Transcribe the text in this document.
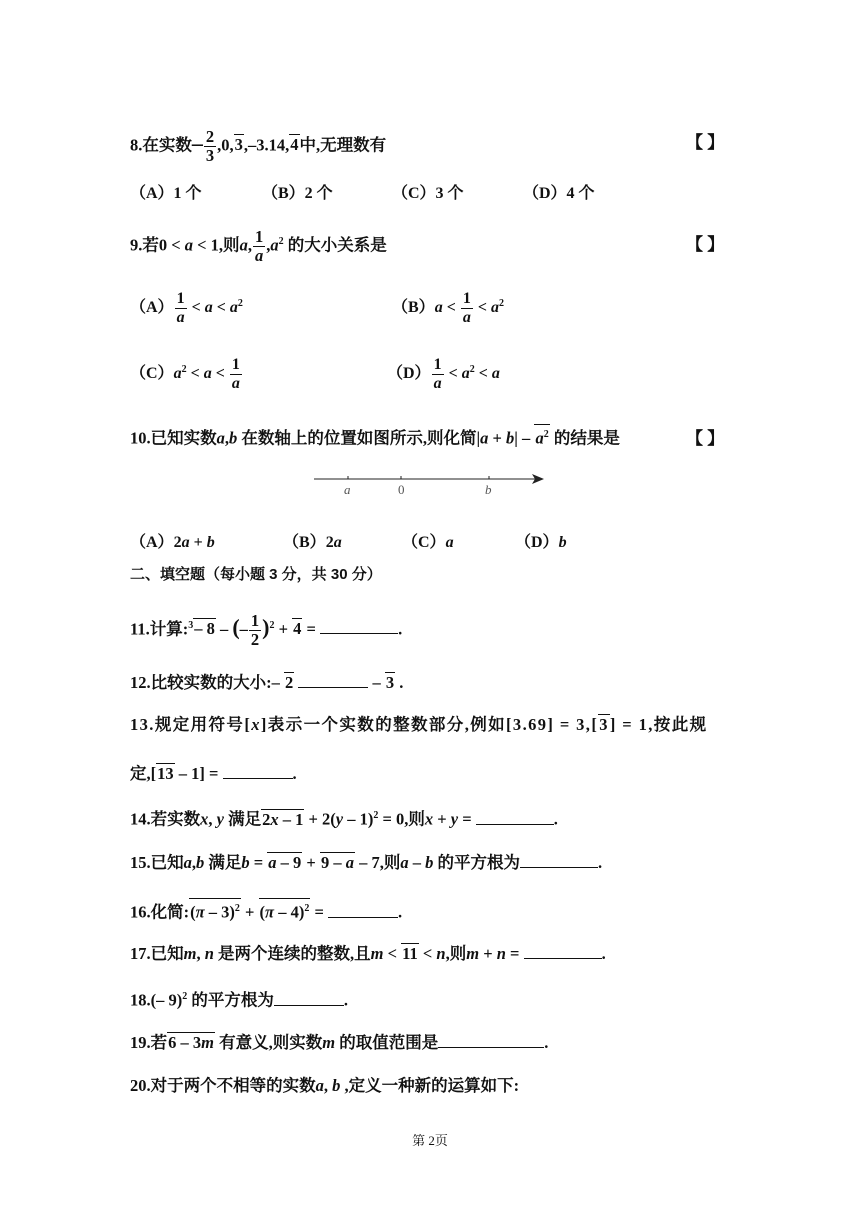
8.在实数– $\frac{2}{3} ,0,3,-3.14,4$中,无理数有	【 】
（A）1 个	（B）2 个	（C）3 个	（D）4 个
9.若0 < a < 1,则a, $\frac{1}{a} ,a^2$ 的大小关系是	【 】
$(A) \frac{1}{a} < a < a^2$	$(B)a < \frac{1}{a} < a^2$
$(C)a^2 < a < \frac{1}{a}$	$(D) \frac{1}{a} < a^2 < a$
10.已知实数a,b 在数轴上的位置如图所示,则化简$|a + b| - a^2$ 的结果是	【 】
a	0	b
（A）2a + b	（B）2a	（C）a	（D）b
二、填空题（每小题 3 分，共 30 分）
11.计算:$^3$– 8 – (– $\frac{1}{2} )^2 + 4$ =	.
12.比较实数的大小:– 2	– 3 .
13.规定用符号[x]表示一个实数的整数部分,例如[3.69] = 3,[3] = 1,按此规
定,[13 – 1] =	.
14.若实数x, y 满足2x – 1 + 2(y – 1)$^2$ = 0,则x + y =	.
15.已知a,b 满足b = a – 9 + 9 – a – 7,则a – b 的平方根为	.
16.化简:(π – 3)$^2$ + (π – 4)$^2$ =	.
17.已知m, n 是两个连续的整数,且m < 11 < n,则m + n =	.
18.(– 9)$^2$ 的平方根为	.
19.若6 – 3m 有意义,则实数m 的取值范围是	.
20.对于两个不相等的实数a, b ,定义一种新的运算如下:
第 2页
